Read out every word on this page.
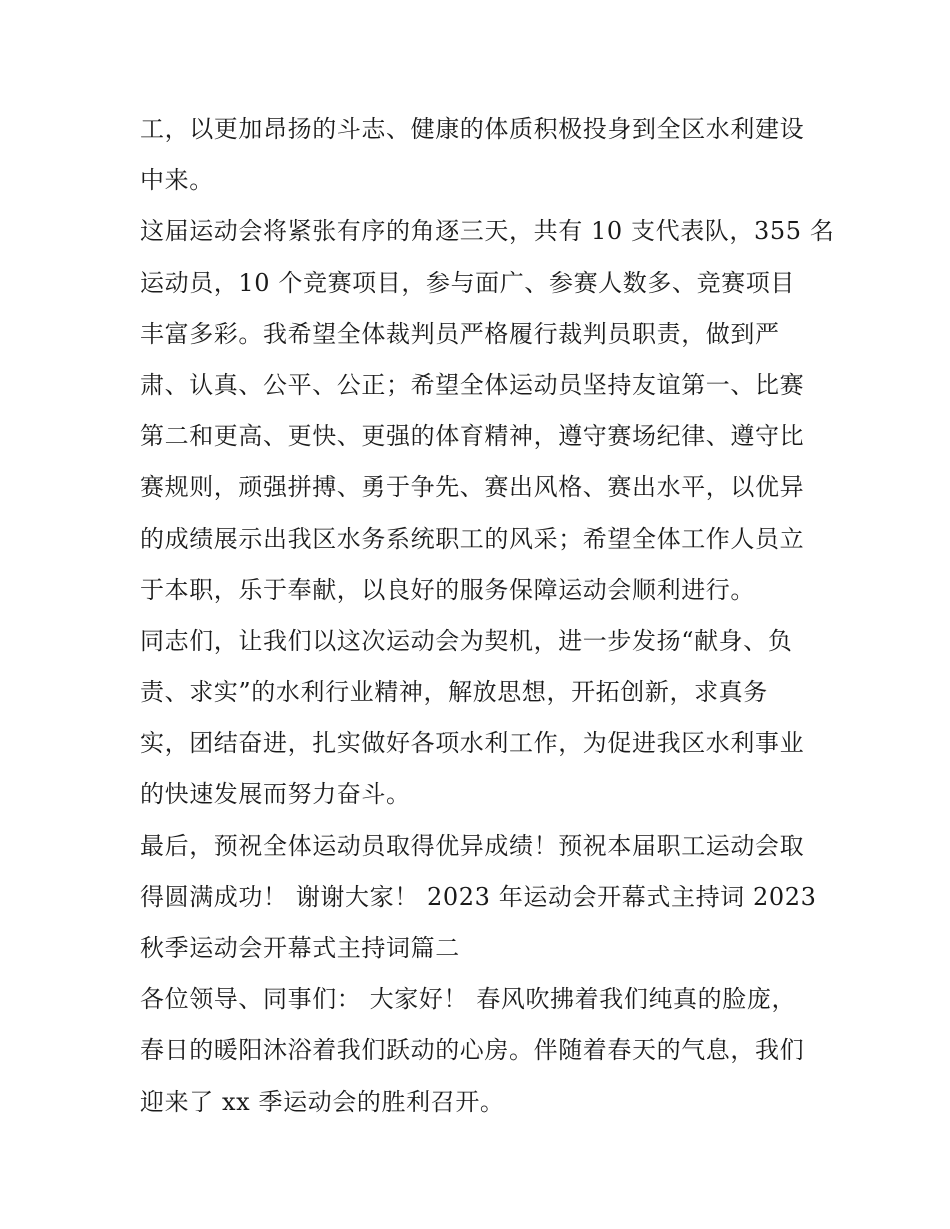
工，以更加昂扬的斗志、健康的体质积极投身到全区水利建设
中来。
这届运动会将紧张有序的角逐三天，共有 10 支代表队，355 名
运动员，10 个竞赛项目，参与面广、参赛人数多、竞赛项目
丰富多彩。我希望全体裁判员严格履行裁判员职责，做到严
肃、认真、公平、公正；希望全体运动员坚持友谊第一、比赛
第二和更高、更快、更强的体育精神，遵守赛场纪律、遵守比
赛规则，顽强拼搏、勇于争先、赛出风格、赛出水平，以优异
的成绩展示出我区水务系统职工的风采；希望全体工作人员立
于本职，乐于奉献，以良好的服务保障运动会顺利进行。
同志们，让我们以这次运动会为契机，进一步发扬“献身、负
责、求实”的水利行业精神，解放思想，开拓创新，求真务
实，团结奋进，扎实做好各项水利工作，为促进我区水利事业
的快速发展而努力奋斗。
最后，预祝全体运动员取得优异成绩！预祝本届职工运动会取
得圆满成功！ 谢谢大家！ 2023 年运动会开幕式主持词 2023
秋季运动会开幕式主持词篇二
各位领导、同事们： 大家好！ 春风吹拂着我们纯真的脸庞，
春日的暖阳沐浴着我们跃动的心房。伴随着春天的气息，我们
迎来了 xx 季运动会的胜利召开。
